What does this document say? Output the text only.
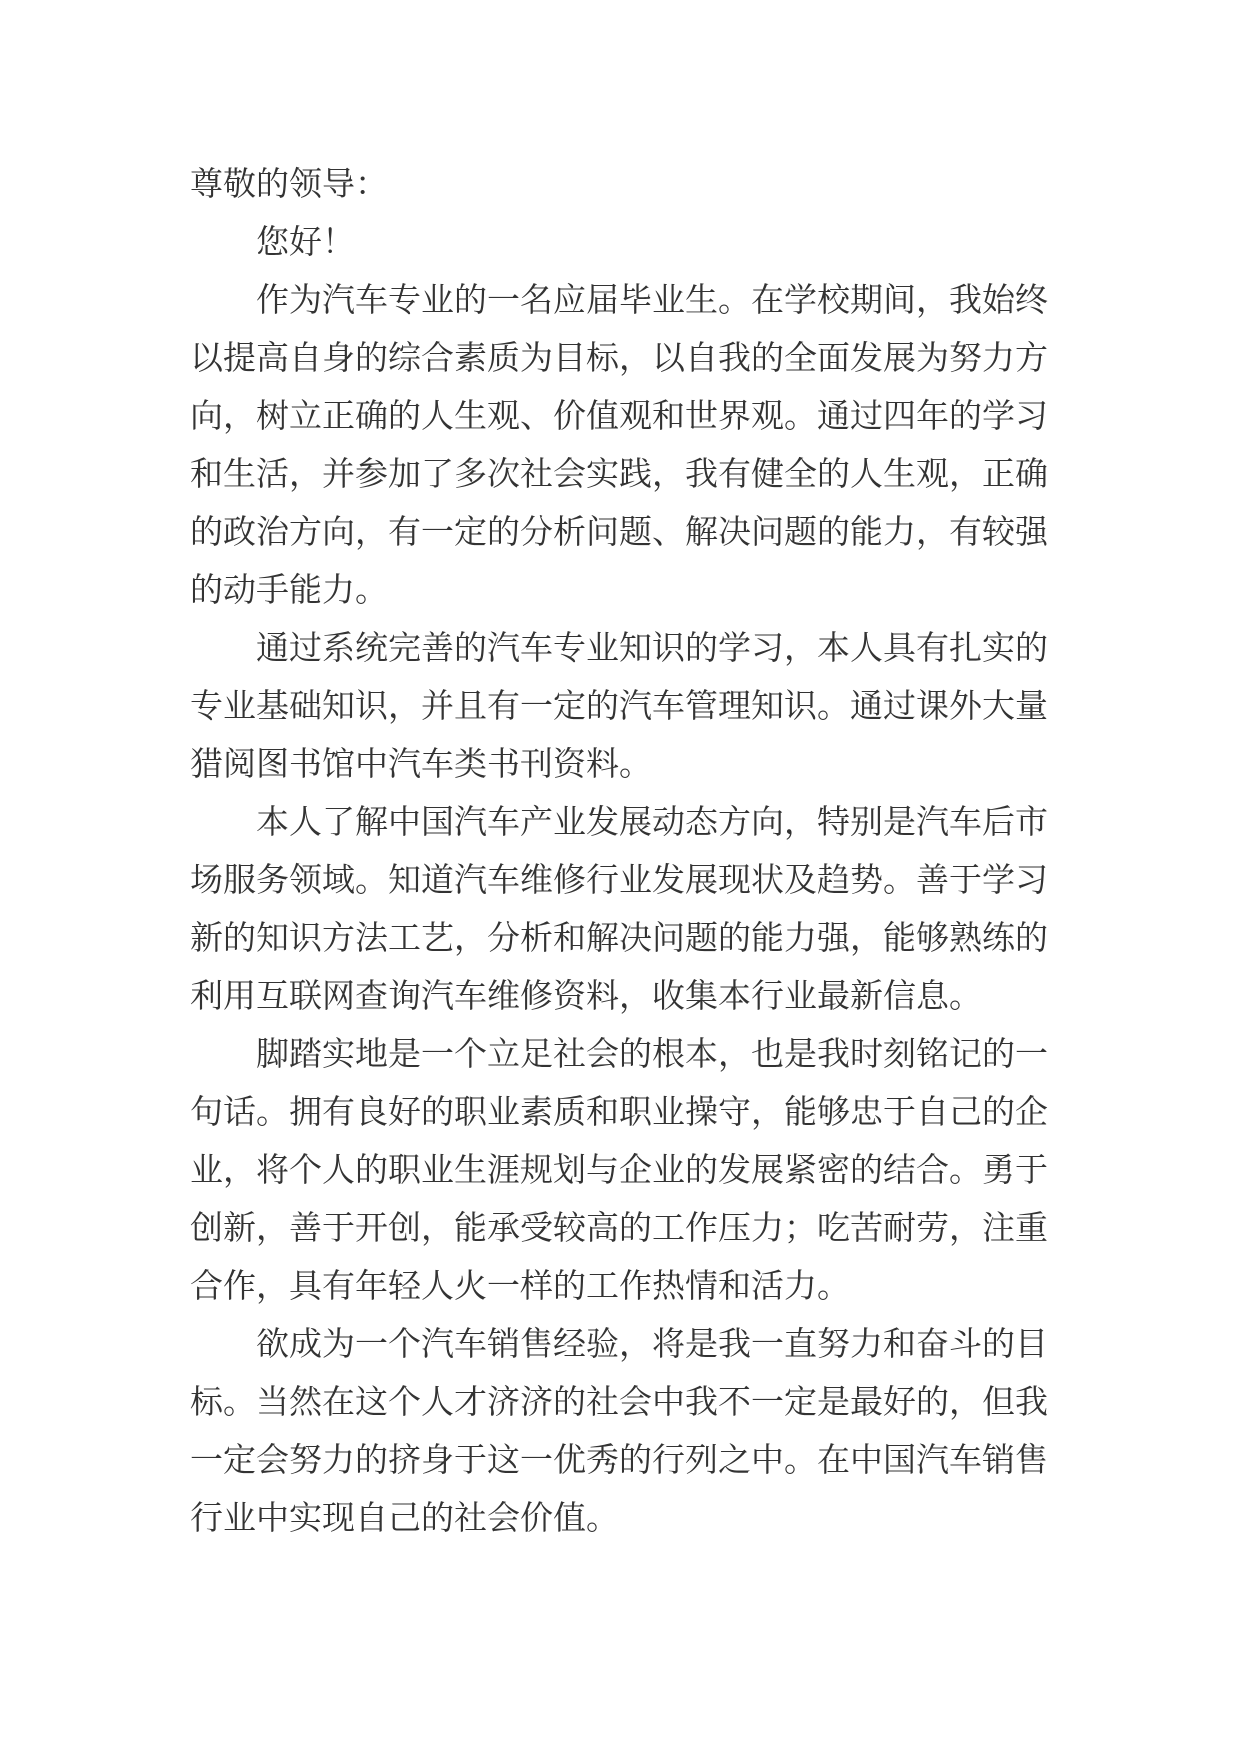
尊敬的领导：

您好！

作为汽车专业的一名应届毕业生。在学校期间，我始终以提高自身的综合素质为目标，以自我的全面发展为努力方向，树立正确的人生观、价值观和世界观。通过四年的学习和生活，并参加了多次社会实践，我有健全的人生观，正确的政治方向，有一定的分析问题、解决问题的能力，有较强的动手能力。

通过系统完善的汽车专业知识的学习，本人具有扎实的专业基础知识，并且有一定的汽车管理知识。通过课外大量猎阅图书馆中汽车类书刊资料。

本人了解中国汽车产业发展动态方向，特别是汽车后市场服务领域。知道汽车维修行业发展现状及趋势。善于学习新的知识方法工艺，分析和解决问题的能力强，能够熟练的利用互联网查询汽车维修资料，收集本行业最新信息。

脚踏实地是一个立足社会的根本，也是我时刻铭记的一句话。拥有良好的职业素质和职业操守，能够忠于自己的企业，将个人的职业生涯规划与企业的发展紧密的结合。勇于创新，善于开创，能承受较高的工作压力；吃苦耐劳，注重合作，具有年轻人火一样的工作热情和活力。

欲成为一个汽车销售经验，将是我一直努力和奋斗的目标。当然在这个人才济济的社会中我不一定是最好的，但我一定会努力的挤身于这一优秀的行列之中。在中国汽车销售行业中实现自己的社会价值。
